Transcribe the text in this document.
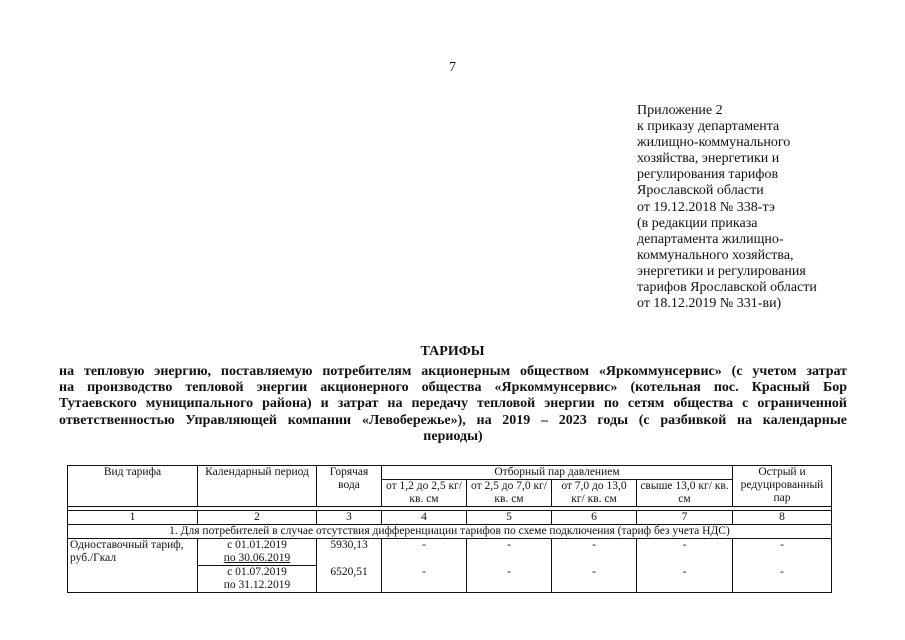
7
Приложение 2
к приказу департамента
жилищно-коммунального
хозяйства, энергетики и
регулирования тарифов
Ярославской области
от 19.12.2018 № 338-тэ
(в редакции приказа
департамента жилищно-
коммунального хозяйства,
энергетики и регулирования
тарифов Ярославской области
от 18.12.2019 № 331-ви)
ТАРИФЫ
на тепловую энергию, поставляемую потребителям акционерным обществом «Яркоммунсервис» (с учетом затрат
на производство тепловой энергии акционерного общества «Яркоммунсервис» (котельная пос. Красный Бор
Тутаевского муниципального района) и затрат на передачу тепловой энергии по сетям общества с ограниченной
ответственностью Управляющей компании «Левобережье»), на 2019 – 2023 годы (с разбивкой на календарные
периоды)
Вид тарифа	Календарный период	Горячая вода	Отборный пар давлением				Острый и редуцированный пар
			от 1,2 до 2,5 кг/ кв. см	от 2,5 до 7,0 кг/ кв. см	от 7,0 до 13,0 кг/ кв. см	свыше 13,0 кг/ кв. см	

1	2	3	4	5	6	7	8
1. Для потребителей в случае отсутствия дифференциации тарифов по схеме подключения (тариф без учета НДС)							
Одноставочный тариф, руб./Гкал	с 01.01.2019
по 30.06.2019	5930,13	-	-	-	-	-

	с 01.07.2019
по 31.12.2019	6520,51	-	-	-	-	-
